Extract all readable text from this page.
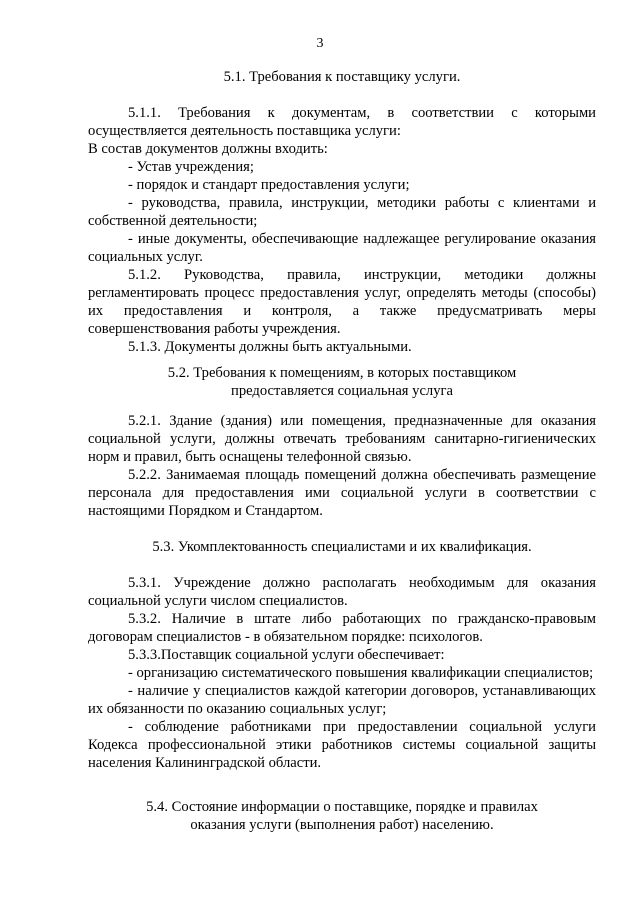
3

5.1. Требования к поставщику услуги.

5.1.1. Требования к документам, в соответствии с которыми

осуществляется деятельность поставщика услуги:

В состав документов должны входить:

- Устав учреждения;

- порядок и стандарт предоставления услуги;

- руководства, правила, инструкции, методики работы с клиентами и собственной деятельности;

- иные документы, обеспечивающие надлежащее регулирование оказания социальных услуг.

5.1.2. Руководства, правила, инструкции, методики должны регламентировать процесс предоставления услуг, определять методы (способы) их предоставления и контроля, а также предусматривать меры совершенствования работы учреждения.

5.1.3. Документы должны быть актуальными.

5.2. Требования к помещениям, в которых поставщиком

предоставляется социальная услуга

5.2.1. Здание (здания) или помещения, предназначенные для оказания социальной услуги, должны отвечать требованиям санитарно-гигиенических норм и правил, быть оснащены телефонной связью.

5.2.2. Занимаемая площадь помещений должна обеспечивать размещение персонала для предоставления ими социальной услуги в соответствии с настоящими Порядком и Стандартом.

5.3. Укомплектованность специалистами и их квалификация.

5.3.1. Учреждение должно располагать необходимым для оказания социальной услуги числом специалистов.

5.3.2. Наличие в штате либо работающих по гражданско-правовым договорам специалистов - в обязательном порядке: психологов.

5.3.3.Поставщик социальной услуги обеспечивает:

- организацию систематического повышения квалификации специалистов;

- наличие у специалистов каждой категории договоров, устанавливающих их обязанности по оказанию социальных услуг;

- соблюдение работниками при предоставлении социальной услуги Кодекса профессиональной этики работников системы социальной защиты населения Калининградской области.

5.4. Состояние информации о поставщике, порядке и правилах

оказания услуги (выполнения работ) населению.
